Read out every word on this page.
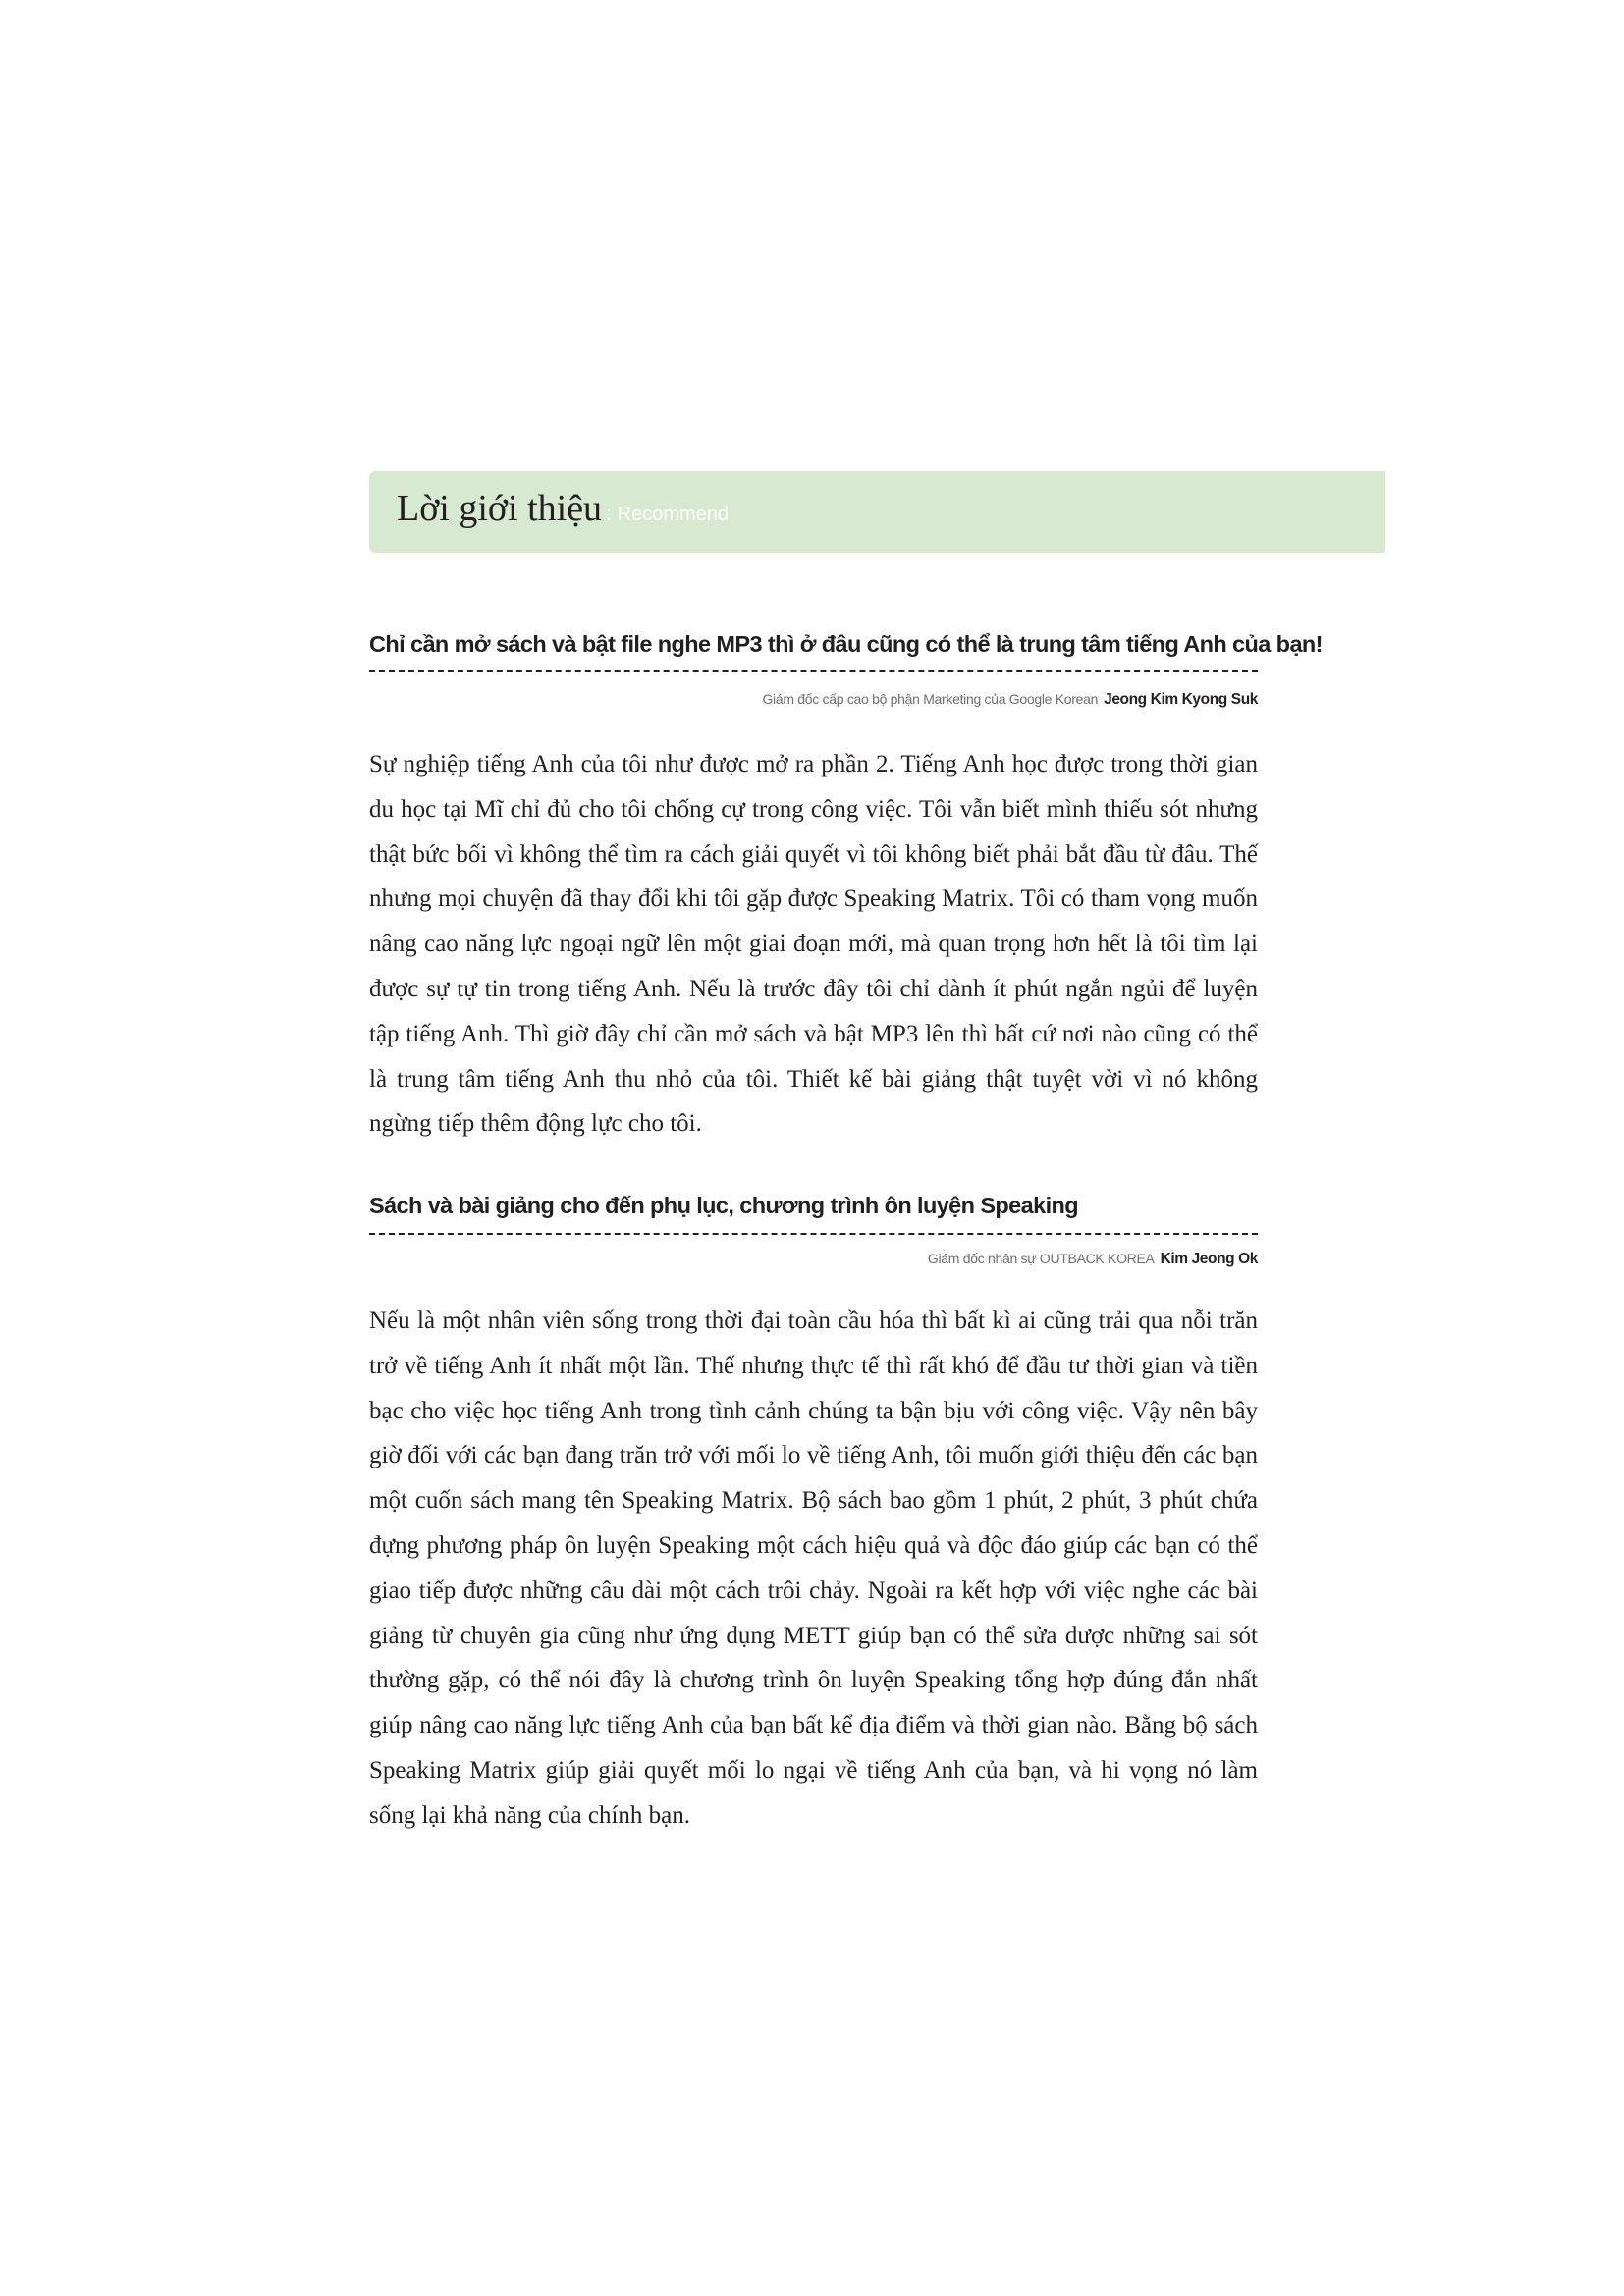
Lời giới thiệu : Recommend
Chỉ cần mở sách và bật file nghe MP3 thì ở đâu cũng có thể là trung tâm tiếng Anh của bạn!
Giám đốc cấp cao bộ phận Marketing của Google Korean Jeong Kim Kyong Suk

Sự nghiệp tiếng Anh của tôi như được mở ra phần 2. Tiếng Anh học được trong thời gian du học tại Mĩ chỉ đủ cho tôi chống cự trong công việc. Tôi vẫn biết mình thiếu sót nhưng thật bức bối vì không thể tìm ra cách giải quyết vì tôi không biết phải bắt đầu từ đâu. Thế nhưng mọi chuyện đã thay đổi khi tôi gặp được Speaking Matrix. Tôi có tham vọng muốn nâng cao năng lực ngoại ngữ lên một giai đoạn mới, mà quan trọng hơn hết là tôi tìm lại được sự tự tin trong tiếng Anh. Nếu là trước đây tôi chỉ dành ít phút ngắn ngủi để luyện tập tiếng Anh. Thì giờ đây chỉ cần mở sách và bật MP3 lên thì bất cứ nơi nào cũng có thể là trung tâm tiếng Anh thu nhỏ của tôi. Thiết kế bài giảng thật tuyệt vời vì nó không ngừng tiếp thêm động lực cho tôi.

Sách và bài giảng cho đến phụ lục, chương trình ôn luyện Speaking
Giám đốc nhân sự OUTBACK KOREA Kim Jeong Ok

Nếu là một nhân viên sống trong thời đại toàn cầu hóa thì bất kì ai cũng trải qua nỗi trăn trở về tiếng Anh ít nhất một lần. Thế nhưng thực tế thì rất khó để đầu tư thời gian và tiền bạc cho việc học tiếng Anh trong tình cảnh chúng ta bận bịu với công việc. Vậy nên bây giờ đối với các bạn đang trăn trở với mối lo về tiếng Anh, tôi muốn giới thiệu đến các bạn một cuốn sách mang tên Speaking Matrix. Bộ sách bao gồm 1 phút, 2 phút, 3 phút chứa đựng phương pháp ôn luyện Speaking một cách hiệu quả và độc đáo giúp các bạn có thể giao tiếp được những câu dài một cách trôi chảy. Ngoài ra kết hợp với việc nghe các bài giảng từ chuyên gia cũng như ứng dụng METT giúp bạn có thể sửa được những sai sót thường gặp, có thể nói đây là chương trình ôn luyện Speaking tổng hợp đúng đắn nhất giúp nâng cao năng lực tiếng Anh của bạn bất kể địa điểm và thời gian nào. Bằng bộ sách Speaking Matrix giúp giải quyết mối lo ngại về tiếng Anh của bạn, và hi vọng nó làm sống lại khả năng của chính bạn.
